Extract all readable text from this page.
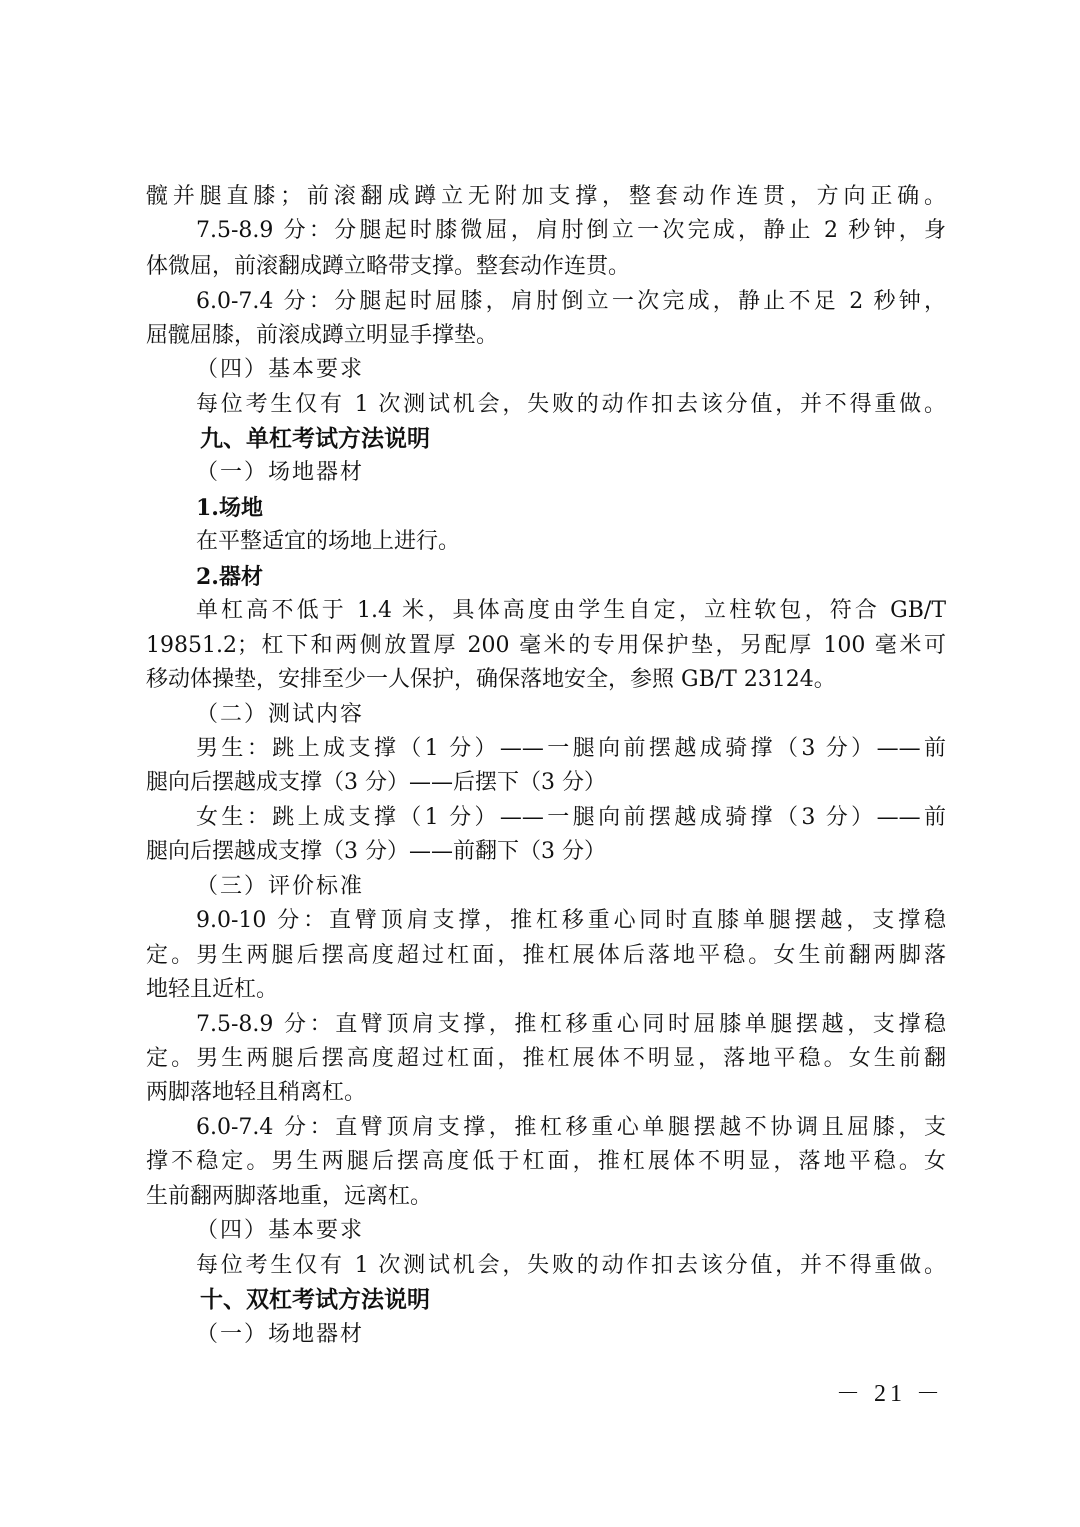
髋并腿直膝；前滚翻成蹲立无附加支撑，整套动作连贯，方向正确。
7.5-8.9 分：分腿起时膝微屈，肩肘倒立一次完成，静止 2 秒钟，身
体微屈，前滚翻成蹲立略带支撑。整套动作连贯。
6.0-7.4 分：分腿起时屈膝，肩肘倒立一次完成，静止不足 2 秒钟，
屈髋屈膝，前滚成蹲立明显手撑垫。
（四）基本要求
每位考生仅有 1 次测试机会，失败的动作扣去该分值，并不得重做。
九、单杠考试方法说明
（一）场地器材
1.场地
在平整适宜的场地上进行。
2.器材
单杠高不低于 1.4 米，具体高度由学生自定，立柱软包，符合 GB/T
19851.2；杠下和两侧放置厚 200 毫米的专用保护垫，另配厚 100 毫米可
移动体操垫，安排至少一人保护，确保落地安全，参照 GB/T 23124。
（二）测试内容
男生：跳上成支撑（1 分）——一腿向前摆越成骑撑（3 分）——前
腿向后摆越成支撑（3 分）——后摆下（3 分）
女生：跳上成支撑（1 分）——一腿向前摆越成骑撑（3 分）——前
腿向后摆越成支撑（3 分）——前翻下（3 分）
（三）评价标准
9.0-10 分：直臂顶肩支撑，推杠移重心同时直膝单腿摆越，支撑稳
定。男生两腿后摆高度超过杠面，推杠展体后落地平稳。女生前翻两脚落
地轻且近杠。
7.5-8.9 分：直臂顶肩支撑，推杠移重心同时屈膝单腿摆越，支撑稳
定。男生两腿后摆高度超过杠面，推杠展体不明显，落地平稳。女生前翻
两脚落地轻且稍离杠。
6.0-7.4 分：直臂顶肩支撑，推杠移重心单腿摆越不协调且屈膝，支
撑不稳定。男生两腿后摆高度低于杠面，推杠展体不明显，落地平稳。女
生前翻两脚落地重，远离杠。
（四）基本要求
每位考生仅有 1 次测试机会，失败的动作扣去该分值，并不得重做。
十、双杠考试方法说明
（一）场地器材
－ 21 －
